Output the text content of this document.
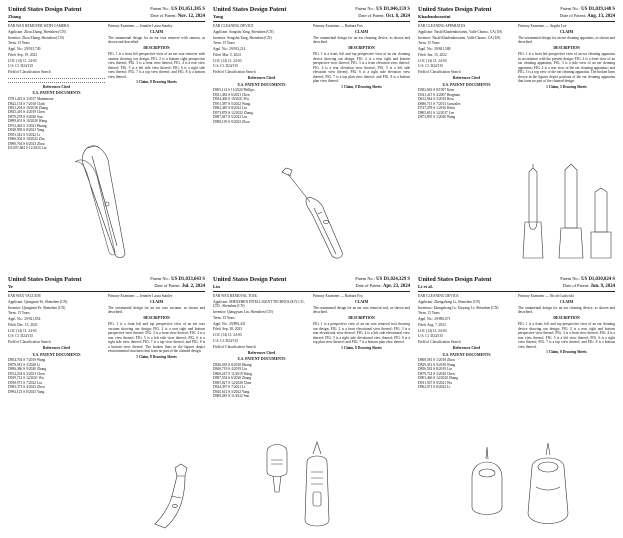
United States Design Patent
Zhang
Patent No.: US D1,051,385 S
Date of Patent: Nov. 12, 2024

EAR WAX REMOVER WITH CAMERA

Applicant: Zhou Zhang, Shenzhen (CN)

Inventor: Zhou Zhang, Shenzhen (CN)

Term: 15 Years

Appl. No.: 29/915,749

Filed: Sep. 19, 2023

LOC (14) Cl. 24-03

U.S. Cl. D24/135

Field of Classification Search

References Cited
U.S. PATENT DOCUMENTS
D781,423 S 3/2017 Mamimone
D822,154 S 7/2018 Clark
D831,204 S 10/2018 Zhang
D845,416 S 4/2019 Chen
D879,278 S 3/2020 Sun
D899,651 S 10/2020 Wang
D913,462 S 3/2021 Huang
D928,958 S 8/2021 Yang
D953,542 S 5/2022 Li
D966,502 S 10/2022 Zhu
D990,764 S 6/2023 Zhou
D1,007,684 S 12/2023 Liu

Primary Examiner — Jennifer Laura Stanley

CLAIM

The ornamental design for an ear wax remover with camera, as shown and described.

DESCRIPTION

FIG. 1 is a front left perspective view of an ear wax remover with camera showing our design; FIG. 2 is a bottom right perspective view thereof; FIG. 3 is a front view thereof; FIG. 4 is a rear view thereof; FIG. 5 is a left side view thereof; FIG. 6 is a right side view thereof; FIG. 7 is a top view thereof; and FIG. 8 is a bottom view thereof.

1 Claim, 8 Drawing Sheets
United States Design Patent
Yang
Patent No.: US D1,046,159 S
Date of Patent: Oct. 8, 2024

EAR CLEANING DEVICE

Applicant: Songshu Yang, Shenzhen (CN)

Inventor: Songshu Yang, Shenzhen (CN)

Term: 15 Years

Appl. No.: 29/913,214

Filed: Mar. 5, 2024

LOC (14) Cl. 24-03

U.S. Cl. D24/135

Field of Classification Search

References Cited
U.S. PATENT DOCUMENTS
D903,114 S 11/2020 Phillips
D921,482 S 6/2021 Chen
D934,406 S 10/2021 Wu
D951,587 S 5/2022 Wang
D962,449 S 8/2022 Liu
D973,878 S 12/2022 Zhang
D987,047 S 5/2023 Lin
D998,139 S 9/2023 Zhou

Primary Examiner — Barbara Fox

CLAIM

The ornamental design for an ear cleaning device, as shown and described.

DESCRIPTION

FIG. 1 is a front, left and top perspective view of an ear cleaning device showing our design; FIG. 2 is a rear, right and bottom perspective view thereof; FIG. 3 is a front elevation view thereof; FIG. 4 is a rear elevation view thereof; FIG. 5 is a left side elevation view thereof; FIG. 6 is a right side elevation view thereof; FIG. 7 is a top plan view thereof; and FIG. 8 is a bottom plan view thereof.

1 Claim, 8 Drawing Sheets
United States Design Patent
Khademhosseini
Patent No.: US D1,039,148 S
Date of Patent: Aug. 13, 2024

EAR CLEANING APPARATUS

Applicant: Nasid Khademhosseini, Valle Chomo, CA (US)

Inventor: Nasid Khademhosseini, Valle Chomo, CA (US)

Term: 15 Years

Appl. No.: 29/841,588

Filed: Jun. 15, 2022

LOC (14) Cl. 24-03

U.S. Cl. D24/135

Field of Classification Search

References Cited
U.S. PATENT DOCUMENTS
D382,063 S 8/1997 Kern
D541,415 S 4/2007 Bergman
D612,944 S 3/2010 Ross
D686,713 S 7/2013 Gonzalez
D747,478 S 1/2016 Klein
D805,651 S 12/2017 Lee
D873,995 S 1/2020 Wang

Primary Examiner — Angela Lee

CLAIM

The ornamental design for an ear cleaning apparatus, as shown and described.

DESCRIPTION

FIG. 1 is a front left perspective view of an ear cleaning apparatus in accordance with the present design; FIG. 2 is a front view of an ear cleaning apparatus; FIG. 3 is a side view of an ear cleaning apparatus; FIG. 4 is a rear view of the ear cleaning apparatus; and FIG. 5 is a top view of the ear cleaning apparatus. The broken lines shown in the figures depict portions of the ear cleaning apparatus that form no part of the claimed design.

1 Claim, 5 Drawing Sheets
United States Design Patent
Ye
Patent No.: US D1,033,643 S
Date of Patent: Jul. 2, 2024

EAR WAX VACUUM

Applicant: Qiongmin Ye, Shenzhen (CN)

Inventor: Qiongmin Ye, Shenzhen (CN)

Term: 15 Years

Appl. No.: 29/921,854

Filed: Dec. 15, 2023

LOC (14) Cl. 24-03

U.S. Cl. D24/135

Field of Classification Search

References Cited
U.S. PATENT DOCUMENTS
D854,704 S 7/2019 Wang
D878,581 S 3/2020 Li
D896,386 S 9/2020 Zhang
D912,254 S 3/2021 Chen
D939,712 S 12/2021 Wu
D958,973 S 7/2022 Liu
D983,373 S 4/2023 Zhou
D994,125 S 8/2023 Yang

Primary Examiner — Jennifer Laura Stanley

CLAIM

The ornamental design for an ear wax vacuum, as shown and described.

DESCRIPTION

FIG. 1 is a front left and top perspective view of an ear wax vacuum showing our design; FIG. 2 is a rear right and bottom perspective view thereof; FIG. 3 is a front view thereof; FIG. 4 is a rear view thereof; FIG. 5 is a left side view thereof; FIG. 6 is a right side view thereof; FIG. 7 is a top view thereof; and FIG. 8 is a bottom view thereof. The broken lines in the figures depict environmental structures that form no part of the claimed design.

1 Claim, 8 Drawing Sheets
United States Design Patent
Lin
Patent No.: US D1,024,329 S
Date of Patent: Apr. 23, 2024

EAR WAX REMOVAL TOOL

Applicant: SHENZHEN INTELLIGENT TECHNOLOGY CO., LTD., Shenzhen (CN)

Inventor: Qiangyuan Lin, Shenzhen (CN)

Term: 15 Years

Appl. No.: 29/893,431

Filed: Sep. 28, 2023

LOC (14) Cl. 24-03

U.S. Cl. D24/135

Field of Classification Search

References Cited
U.S. PATENT DOCUMENTS
D826,018 S 8/2018 Huang
D846,719 S 4/2019 Liu
D868,247 S 11/2019 Wang
D887,554 S 6/2020 Zhang
D905,827 S 12/2020 Chen
D924,397 S 7/2021 Li
D945,612 S 3/2022 Yang
D969,283 S 11/2022 Sun

Primary Examiner — Barbara Fox

CLAIM

The ornamental design for an ear wax removal tool, as shown and described.

DESCRIPTION

FIG. 1 is a perspective view of an ear wax removal tool showing our design; FIG. 2 is a front elevational view thereof; FIG. 3 is a rear elevational view thereof; FIG. 4 is a left side elevational view thereof; FIG. 5 is a right side elevational view thereof; FIG. 6 is a top plan view thereof; and FIG. 7 is a bottom plan view thereof.

1 Claim, 8 Drawing Sheets
United States Design Patent
Li et al.
Patent No.: US D1,030,024 S
Date of Patent: Jun. 9, 2024

EAR CLEANING DEVICE

Applicant: Zhengzhong Li, Shenzhen (CN)

Inventors: Zhengzhong Li; Xinyang Lv, Shenzhen (CN)

Term: 15 Years

Appl. No.: 29/896,071

Filed: Aug. 7, 2023

LOC (14) Cl. 24-03

U.S. Cl. D24/135

Field of Classification Search

References Cited
U.S. PATENT DOCUMENTS
D808,581 S 1/2018 Zhou
D829,451 S 9/2018 Wang
D856,592 S 8/2019 Liu
D879,734 S 3/2020 Chen
D903,466 S 12/2020 Zhang
D931,567 S 9/2021 Wu
D962,071 S 8/2022 Li

Primary Examiner — Nicole Ludwicki

CLAIM

The ornamental design for an ear cleaning device, as shown and described.

DESCRIPTION

FIG. 1 is a front, left and top perspective view of an ear cleaning device showing our design; FIG. 2 is a rear, right and bottom perspective view thereof; FIG. 3 is a front view thereof; FIG. 4 is a rear view thereof; FIG. 5 is a left view thereof; FIG. 6 is a right view thereof; FIG. 7 is a top view thereof; and FIG. 8 is a bottom view thereof.

1 Claim, 8 Drawing Sheets
